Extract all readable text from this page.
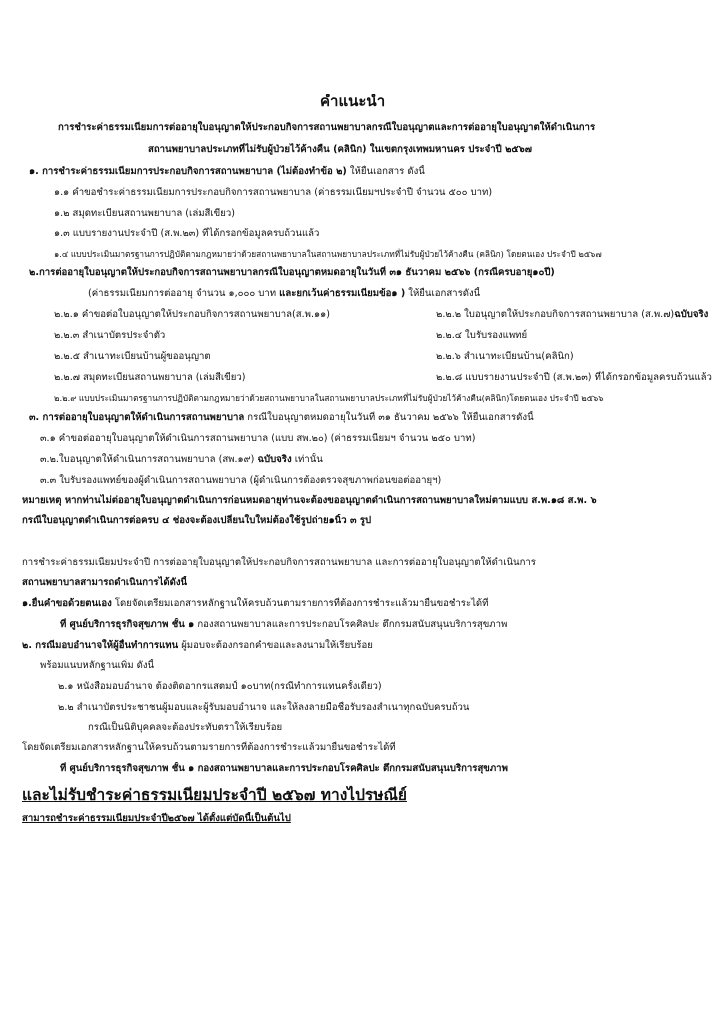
คำแนะนำ
การชำระค่าธรรมเนียมการต่ออายุใบอนุญาตให้ประกอบกิจการสถานพยาบาลกรณีใบอนุญาตและการต่ออายุใบอนุญาตให้ดำเนินการ
สถานพยาบาลประเภทที่ไม่รับผู้ป่วยไว้ค้างคืน (คลินิก) ในเขตกรุงเทพมหานคร ประจำปี ๒๕๖๗
๑. การชำระค่าธรรมเนียมการประกอบกิจการสถานพยาบาล (ไม่ต้องทำข้อ ๒) ให้ยื่นเอกสาร ดังนี้
๑.๑ คำขอชำระค่าธรรมเนียมการประกอบกิจการสถานพยาบาล (ค่าธรรมเนียมฯประจำปี จำนวน ๕๐๐ บาท)
๑.๒ สมุดทะเบียนสถานพยาบาล (เล่มสีเขียว)
๑.๓ แบบรายงานประจำปี (ส.พ.๒๓) ที่ได้กรอกข้อมูลครบถ้วนแล้ว
๑.๔ แบบประเมินมาตรฐานการปฏิบัติตามกฎหมายว่าด้วยสถานพยาบาลในสถานพยาบาลประเภทที่ไม่รับผู้ป่วยไว้ค้างคืน (คลินิก) โดยตนเอง ประจำปี ๒๕๖๗
๒.การต่ออายุใบอนุญาตให้ประกอบกิจการสถานพยาบาลกรณีใบอนุญาตหมดอายุในวันที่ ๓๑ ธันวาคม ๒๕๖๖ (กรณีครบอายุ๑๐ปี)
(ค่าธรรมเนียมการต่ออายุ จำนวน ๑,๐๐๐ บาท และยกเว้นค่าธรรมเนียมข้อ๑ ) ให้ยื่นเอกสารดังนี้
๒.๒.๑ คำขอต่อใบอนุญาตให้ประกอบกิจการสถานพยาบาล(ส.พ.๑๑)	๒.๒.๒ ใบอนุญาตให้ประกอบกิจการสถานพยาบาล (ส.พ.๗)ฉบับจริง
๒.๒.๓ สำเนาบัตรประจำตัว	๒.๒.๔ ใบรับรองแพทย์
๒.๒.๕ สำเนาทะเบียนบ้านผู้ขออนุญาต	๒.๒.๖ สำเนาทะเบียนบ้าน(คลินิก)
๒.๒.๗ สมุดทะเบียนสถานพยาบาล (เล่มสีเขียว)	๒.๒.๘ แบบรายงานประจำปี (ส.พ.๒๓) ที่ได้กรอกข้อมูลครบถ้วนแล้ว
๒.๒.๙ แบบประเมินมาตรฐานการปฏิบัติตามกฎหมายว่าด้วยสถานพยาบาลในสถานพยาบาลประเภทที่ไม่รับผู้ป่วยไว้ค้างคืน(คลินิก)โดยตนเอง ประจำปี ๒๕๖๖
๓. การต่ออายุใบอนุญาตให้ดำเนินการสถานพยาบาล กรณีใบอนุญาตหมดอายุในวันที่ ๓๑ ธันวาคม ๒๕๖๖ ให้ยื่นเอกสารดังนี้
๓.๑ คำขอต่ออายุใบอนุญาตให้ดำเนินการสถานพยาบาล (แบบ สพ.๒๐) (ค่าธรรมเนียมฯ จำนวน ๒๕๐ บาท)
๓.๒.ใบอนุญาตให้ดำเนินการสถานพยาบาล (สพ.๑๙) ฉบับจริง เท่านั้น
๓.๓ ใบรับรองแพทย์ของผู้ดำเนินการสถานพยาบาล (ผู้ดำเนินการต้องตรวจสุขภาพก่อนขอต่ออายุฯ)
หมายเหตุ หากท่านไม่ต่ออายุใบอนุญาตดำเนินการก่อนหมดอายุท่านจะต้องขออนุญาตดำเนินการสถานพยาบาลใหม่ตามแบบ ส.พ.๑๘ ส.พ. ๖
กรณีใบอนุญาตดำเนินการต่อครบ ๔ ช่องจะต้องเปลี่ยนใบใหม่ต้องใช้รูปถ่าย๑นิ้ว ๓ รูป
การชำระค่าธรรมเนียมประจำปี การต่ออายุใบอนุญาตให้ประกอบกิจการสถานพยาบาล และการต่ออายุใบอนุญาตให้ดำเนินการ
สถานพยาบาลสามารถดำเนินการได้ดังนี้
๑.ยื่นคำขอด้วยตนเอง โดยจัดเตรียมเอกสารหลักฐานให้ครบถ้วนตามรายการที่ต้องการชำระแล้วมายื่นขอชำระได้ที่
ที่ ศูนย์บริการธุรกิจสุขภาพ ชั้น ๑ กองสถานพยาบาลและการประกอบโรคศิลปะ ตึกกรมสนับสนุนบริการสุขภาพ
๒. กรณีมอบอำนาจให้ผู้อื่นทำการแทน ผู้มอบจะต้องกรอกคำขอและลงนามให้เรียบร้อย
พร้อมแนบหลักฐานเพิ่ม ดังนี้
๒.๑ หนังสือมอบอำนาจ ต้องติดอากรแสตมป์ ๑๐บาท(กรณีทำการแทนครั้งเดียว)
๒.๒ สำเนาบัตรประชาชนผู้มอบและผู้รับมอบอำนาจ และให้ลงลายมือชื่อรับรองสำเนาทุกฉบับครบถ้วน
กรณีเป็นนิติบุคคลจะต้องประทับตราให้เรียบร้อย
โดยจัดเตรียมเอกสารหลักฐานให้ครบถ้วนตามรายการที่ต้องการชำระแล้วมายื่นขอชำระได้ที่
ที่ ศูนย์บริการธุรกิจสุขภาพ ชั้น ๑ กองสถานพยาบาลและการประกอบโรคศิลปะ ตึกกรมสนับสนุนบริการสุขภาพ
และไม่รับชำระค่าธรรมเนียมประจำปี ๒๕๖๗ ทางไปรษณีย์
สามารถชำระค่าธรรมเนียมประจำปี๒๕๖๗ ได้ตั้งแต่บัดนี้เป็นต้นไป
